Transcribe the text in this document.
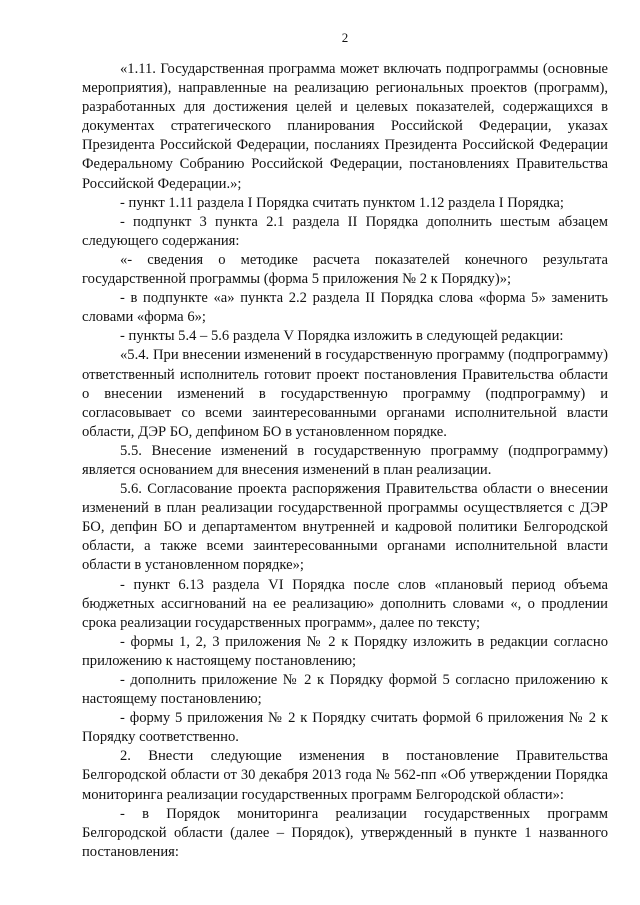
2

«1.11. Государственная программа может включать подпрограммы (основные мероприятия), направленные на реализацию региональных проектов (программ), разработанных для достижения целей и целевых показателей, содержащихся в документах стратегического планирования Российской Федерации, указах Президента Российской Федерации, посланиях Президента Российской Федерации Федеральному Собранию Российской Федерации, постановлениях Правительства Российской Федерации.»;

- пункт 1.11 раздела I Порядка считать пунктом 1.12 раздела I Порядка;

- подпункт 3 пункта 2.1 раздела II Порядка дополнить шестым абзацем следующего содержания:

«- сведения о методике расчета показателей конечного результата государственной программы (форма 5 приложения № 2 к Порядку)»;

- в подпункте «а» пункта 2.2 раздела II Порядка слова «форма 5» заменить словами «форма 6»;

- пункты 5.4 – 5.6 раздела V Порядка изложить в следующей редакции:

«5.4. При внесении изменений в государственную программу (подпрограмму) ответственный исполнитель готовит проект постановления Правительства области о внесении изменений в государственную программу (подпрограмму) и согласовывает со всеми заинтересованными органами исполнительной власти области, ДЭР БО, депфином БО в установленном порядке.

5.5. Внесение изменений в государственную программу (подпрограмму) является основанием для внесения изменений в план реализации.

5.6. Согласование проекта распоряжения Правительства области о внесении изменений в план реализации государственной программы осуществляется с ДЭР БО, депфин БО и департаментом внутренней и кадровой политики Белгородской области, а также всеми заинтересованными органами исполнительной власти области в установленном порядке»;

- пункт 6.13 раздела VI Порядка после слов «плановый период объема бюджетных ассигнований на ее реализацию» дополнить словами «, о продлении срока реализации государственных программ», далее по тексту;

- формы 1, 2, 3 приложения № 2 к Порядку изложить в редакции согласно приложению к настоящему постановлению;

- дополнить приложение № 2 к Порядку формой 5 согласно приложению к настоящему постановлению;

- форму 5 приложения № 2 к Порядку считать формой 6 приложения № 2 к Порядку соответственно.

2. Внести следующие изменения в постановление Правительства Белгородской области от 30 декабря 2013 года № 562-пп «Об утверждении Порядка мониторинга реализации государственных программ Белгородской области»:

- в Порядок мониторинга реализации государственных программ Белгородской области (далее – Порядок), утвержденный в пункте 1 названного постановления:
